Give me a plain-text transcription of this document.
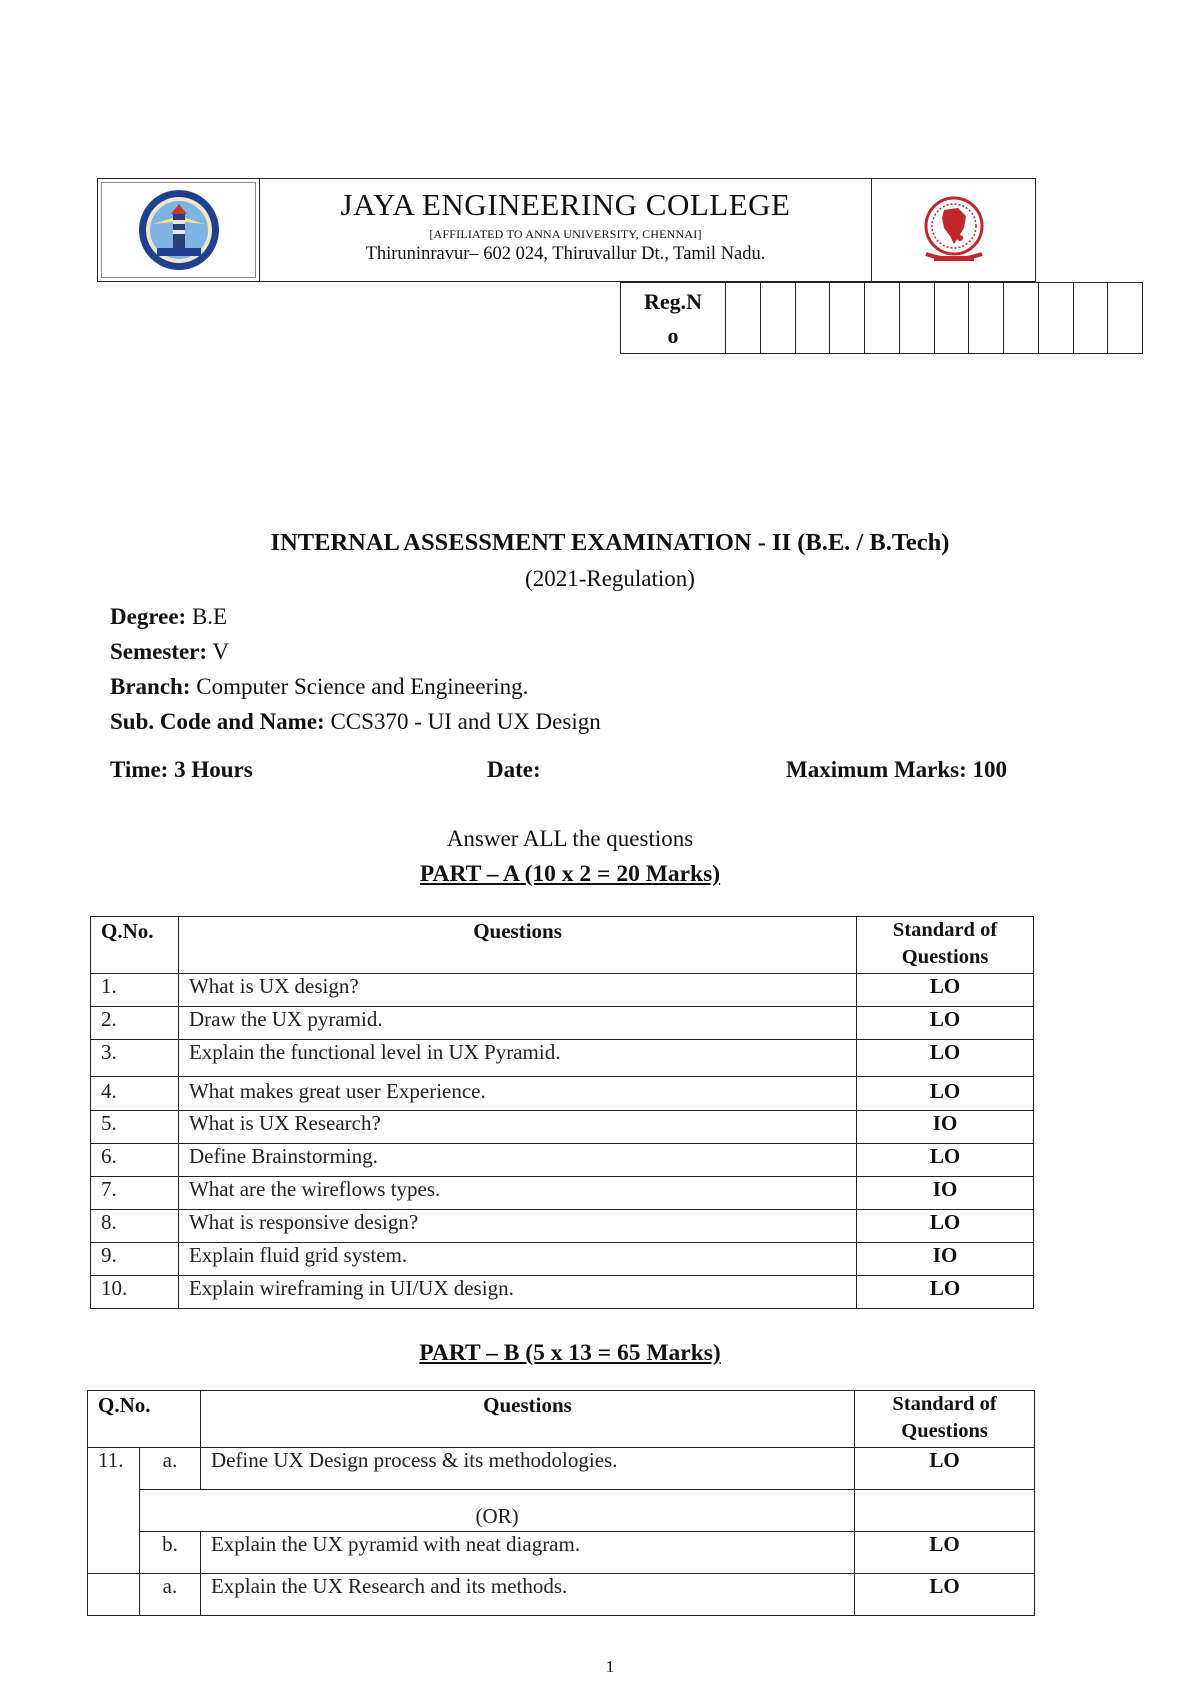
JAYA ENGINEERING COLLEGE
[AFFILIATED TO ANNA UNIVERSITY, CHENNAI]
Thiruninravur– 602 024, Thiruvallur Dt., Tamil Nadu.
Reg.N
o
INTERNAL ASSESSMENT EXAMINATION - II (B.E. / B.Tech)
(2021-Regulation)
Degree: B.E
Semester: V
Branch: Computer Science and Engineering.
Sub. Code and Name: CCS370 - UI and UX Design
Time: 3 Hours	Date:	Maximum Marks: 100
Answer ALL the questions
PART – A (10 x 2 = 20 Marks)
Q.No.	Questions	Standard of
Questions

1.	What is UX design?	LO
2.	Draw the UX pyramid.	LO
3.	Explain the functional level in UX Pyramid.	LO
4.	What makes great user Experience.	LO
5.	What is UX Research?	IO
6.	Define Brainstorming.	LO
7.	What are the wireflows types.	IO
8.	What is responsive design?	LO
9.	Explain fluid grid system.	IO
10.	Explain wireframing in UI/UX design.	LO
PART – B (5 x 13 = 65 Marks)
Q.No.		Questions	Standard of
Questions

11.	a.	Define UX Design process & its methodologies.	LO
	(OR)		
	b.	Explain the UX pyramid with neat diagram.	LO
	a.	Explain the UX Research and its methods.	LO
1
